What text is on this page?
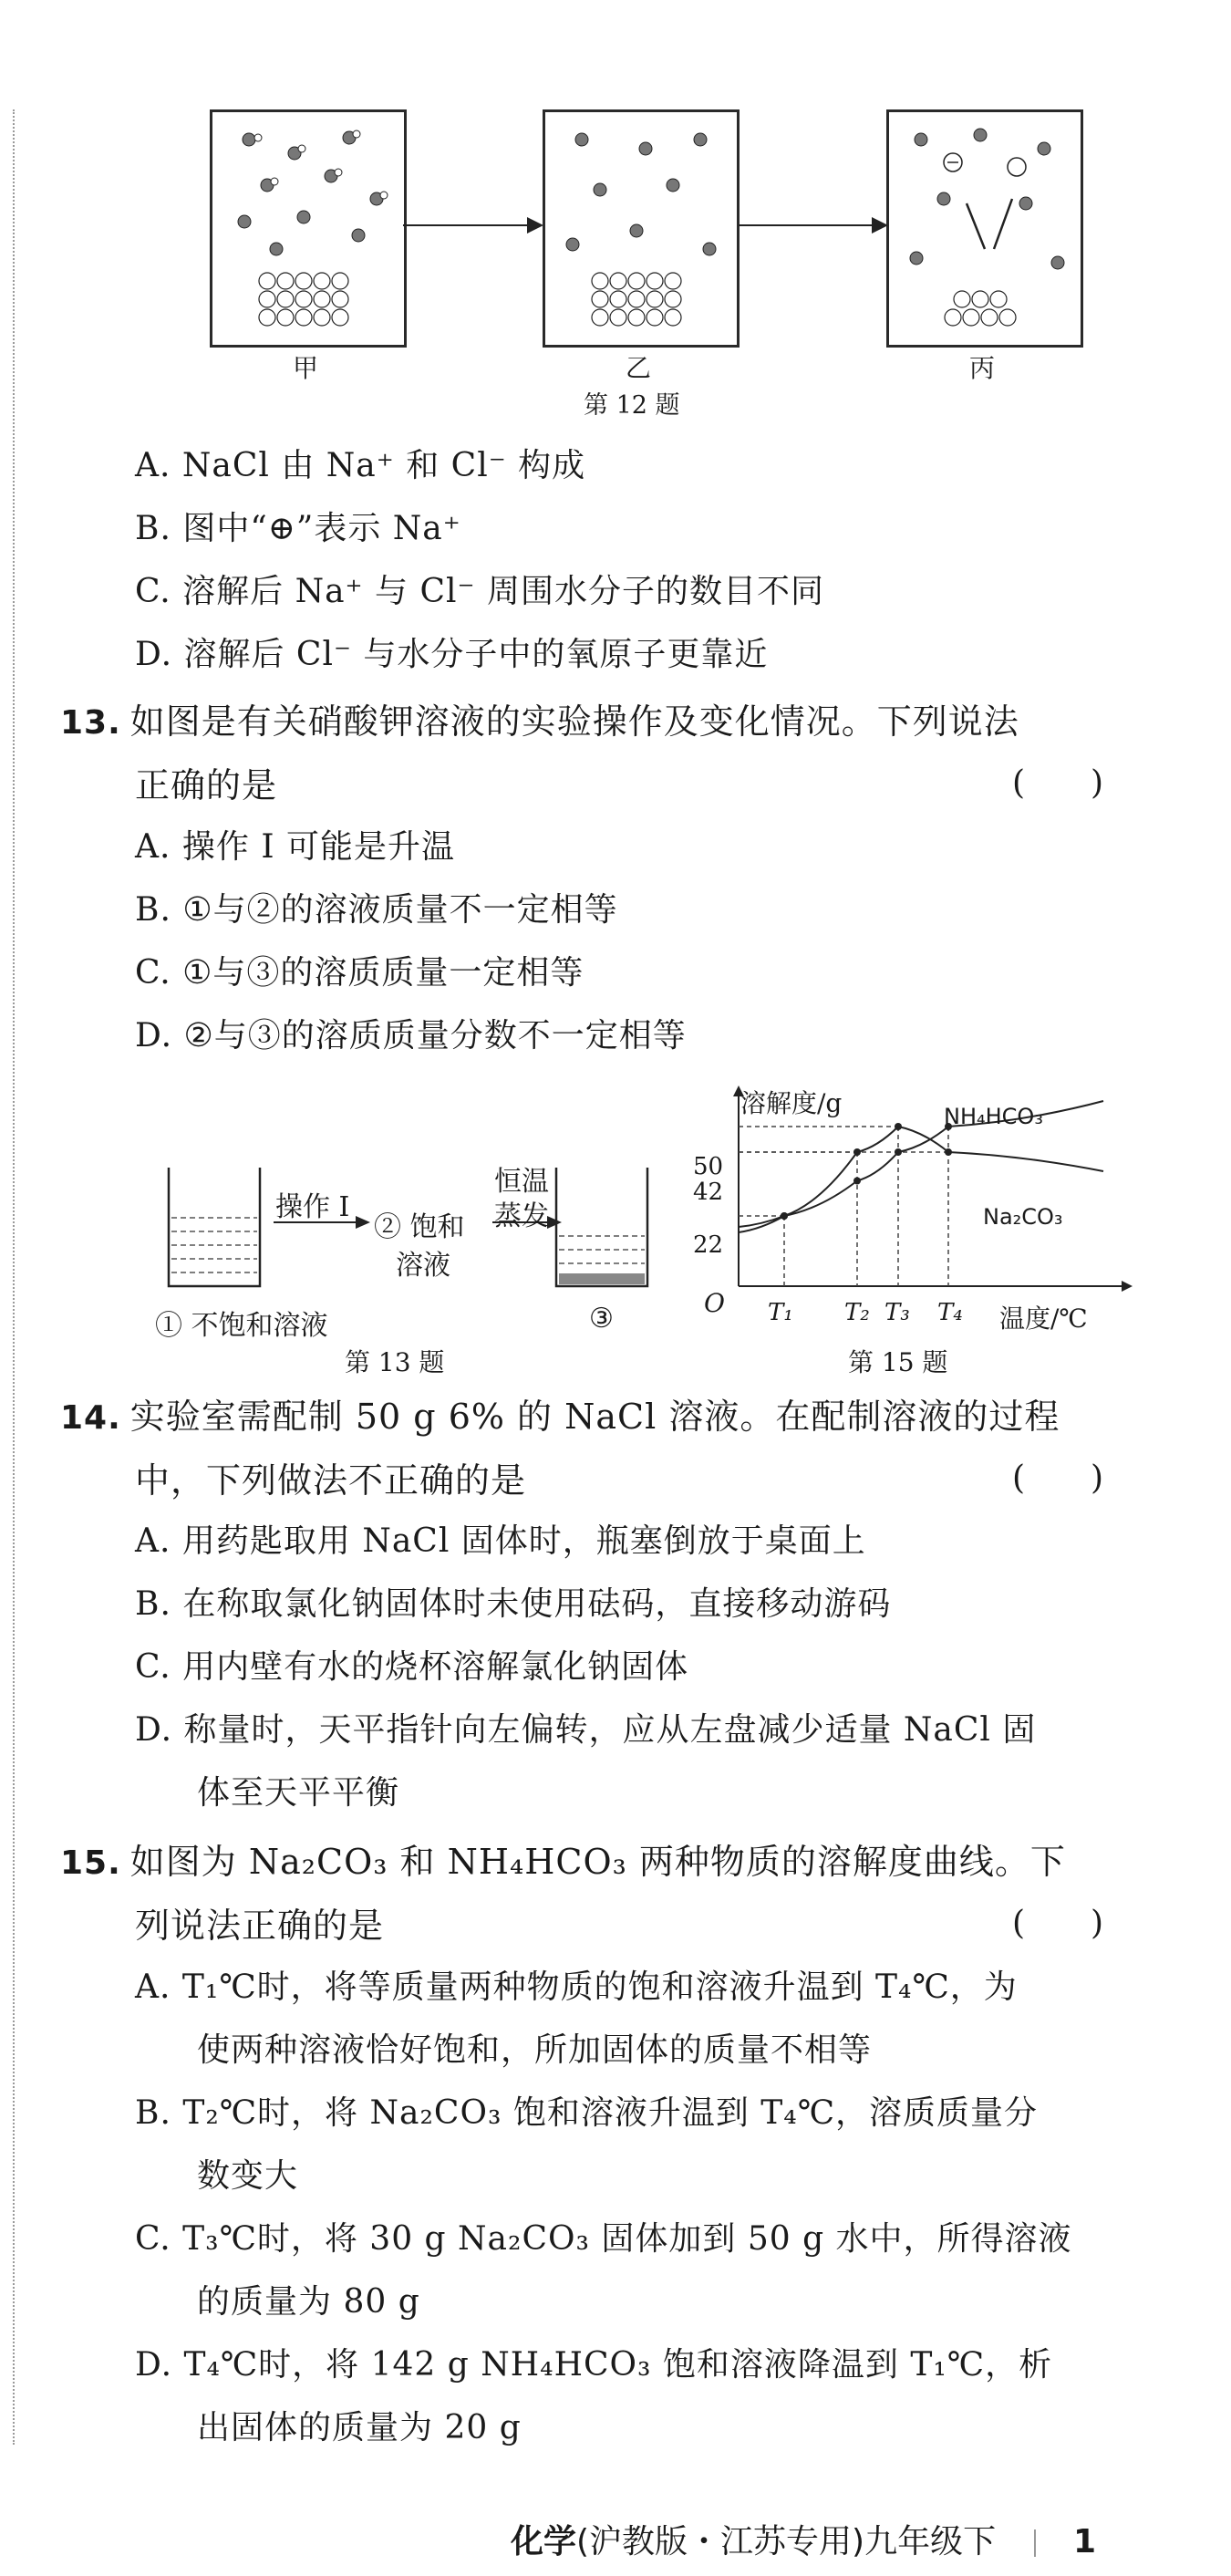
甲	乙	丙
第 12 题
A. NaCl 由 Na⁺ 和 Cl⁻ 构成
B. 图中“⊕”表示 Na⁺
C. 溶解后 Na⁺ 与 Cl⁻ 周围水分子的数目不同
D. 溶解后 Cl⁻ 与水分子中的氧原子更靠近
13. 如图是有关硝酸钾溶液的实验操作及变化情况。下列说法
正确的是	(　　)
A. 操作 Ⅰ 可能是升温
B. ①与②的溶液质量不一定相等
C. ①与③的溶质质量一定相等
D. ②与③的溶质质量分数不一定相等
操作 Ⅰ
② 饱和
溶液
恒温
蒸发
① 不饱和溶液	③
第 13 题
溶解度/g	NH₄HCO₃
Na₂CO₃
50
42
22
O T₁ T₂ T₃ T₄ 温度/℃
第 15 题
14. 实验室需配制 50 g 6% 的 NaCl 溶液。在配制溶液的过程
中，下列做法不正确的是	(　　)
A. 用药匙取用 NaCl 固体时，瓶塞倒放于桌面上
B. 在称取氯化钠固体时未使用砝码，直接移动游码
C. 用内壁有水的烧杯溶解氯化钠固体
D. 称量时，天平指针向左偏转，应从左盘减少适量 NaCl 固
体至天平平衡
15. 如图为 Na₂CO₃ 和 NH₄HCO₃ 两种物质的溶解度曲线。下
列说法正确的是	(　　)
A. T₁℃时，将等质量两种物质的饱和溶液升温到 T₄℃，为
使两种溶液恰好饱和，所加固体的质量不相等
B. T₂℃时，将 Na₂CO₃ 饱和溶液升温到 T₄℃，溶质质量分
数变大
C. T₃℃时，将 30 g Na₂CO₃ 固体加到 50 g 水中，所得溶液
的质量为 80 g
D. T₄℃时，将 142 g NH₄HCO₃ 饱和溶液降温到 T₁℃，析
出固体的质量为 20 g
化学(沪教版・江苏专用)九年级下 1
